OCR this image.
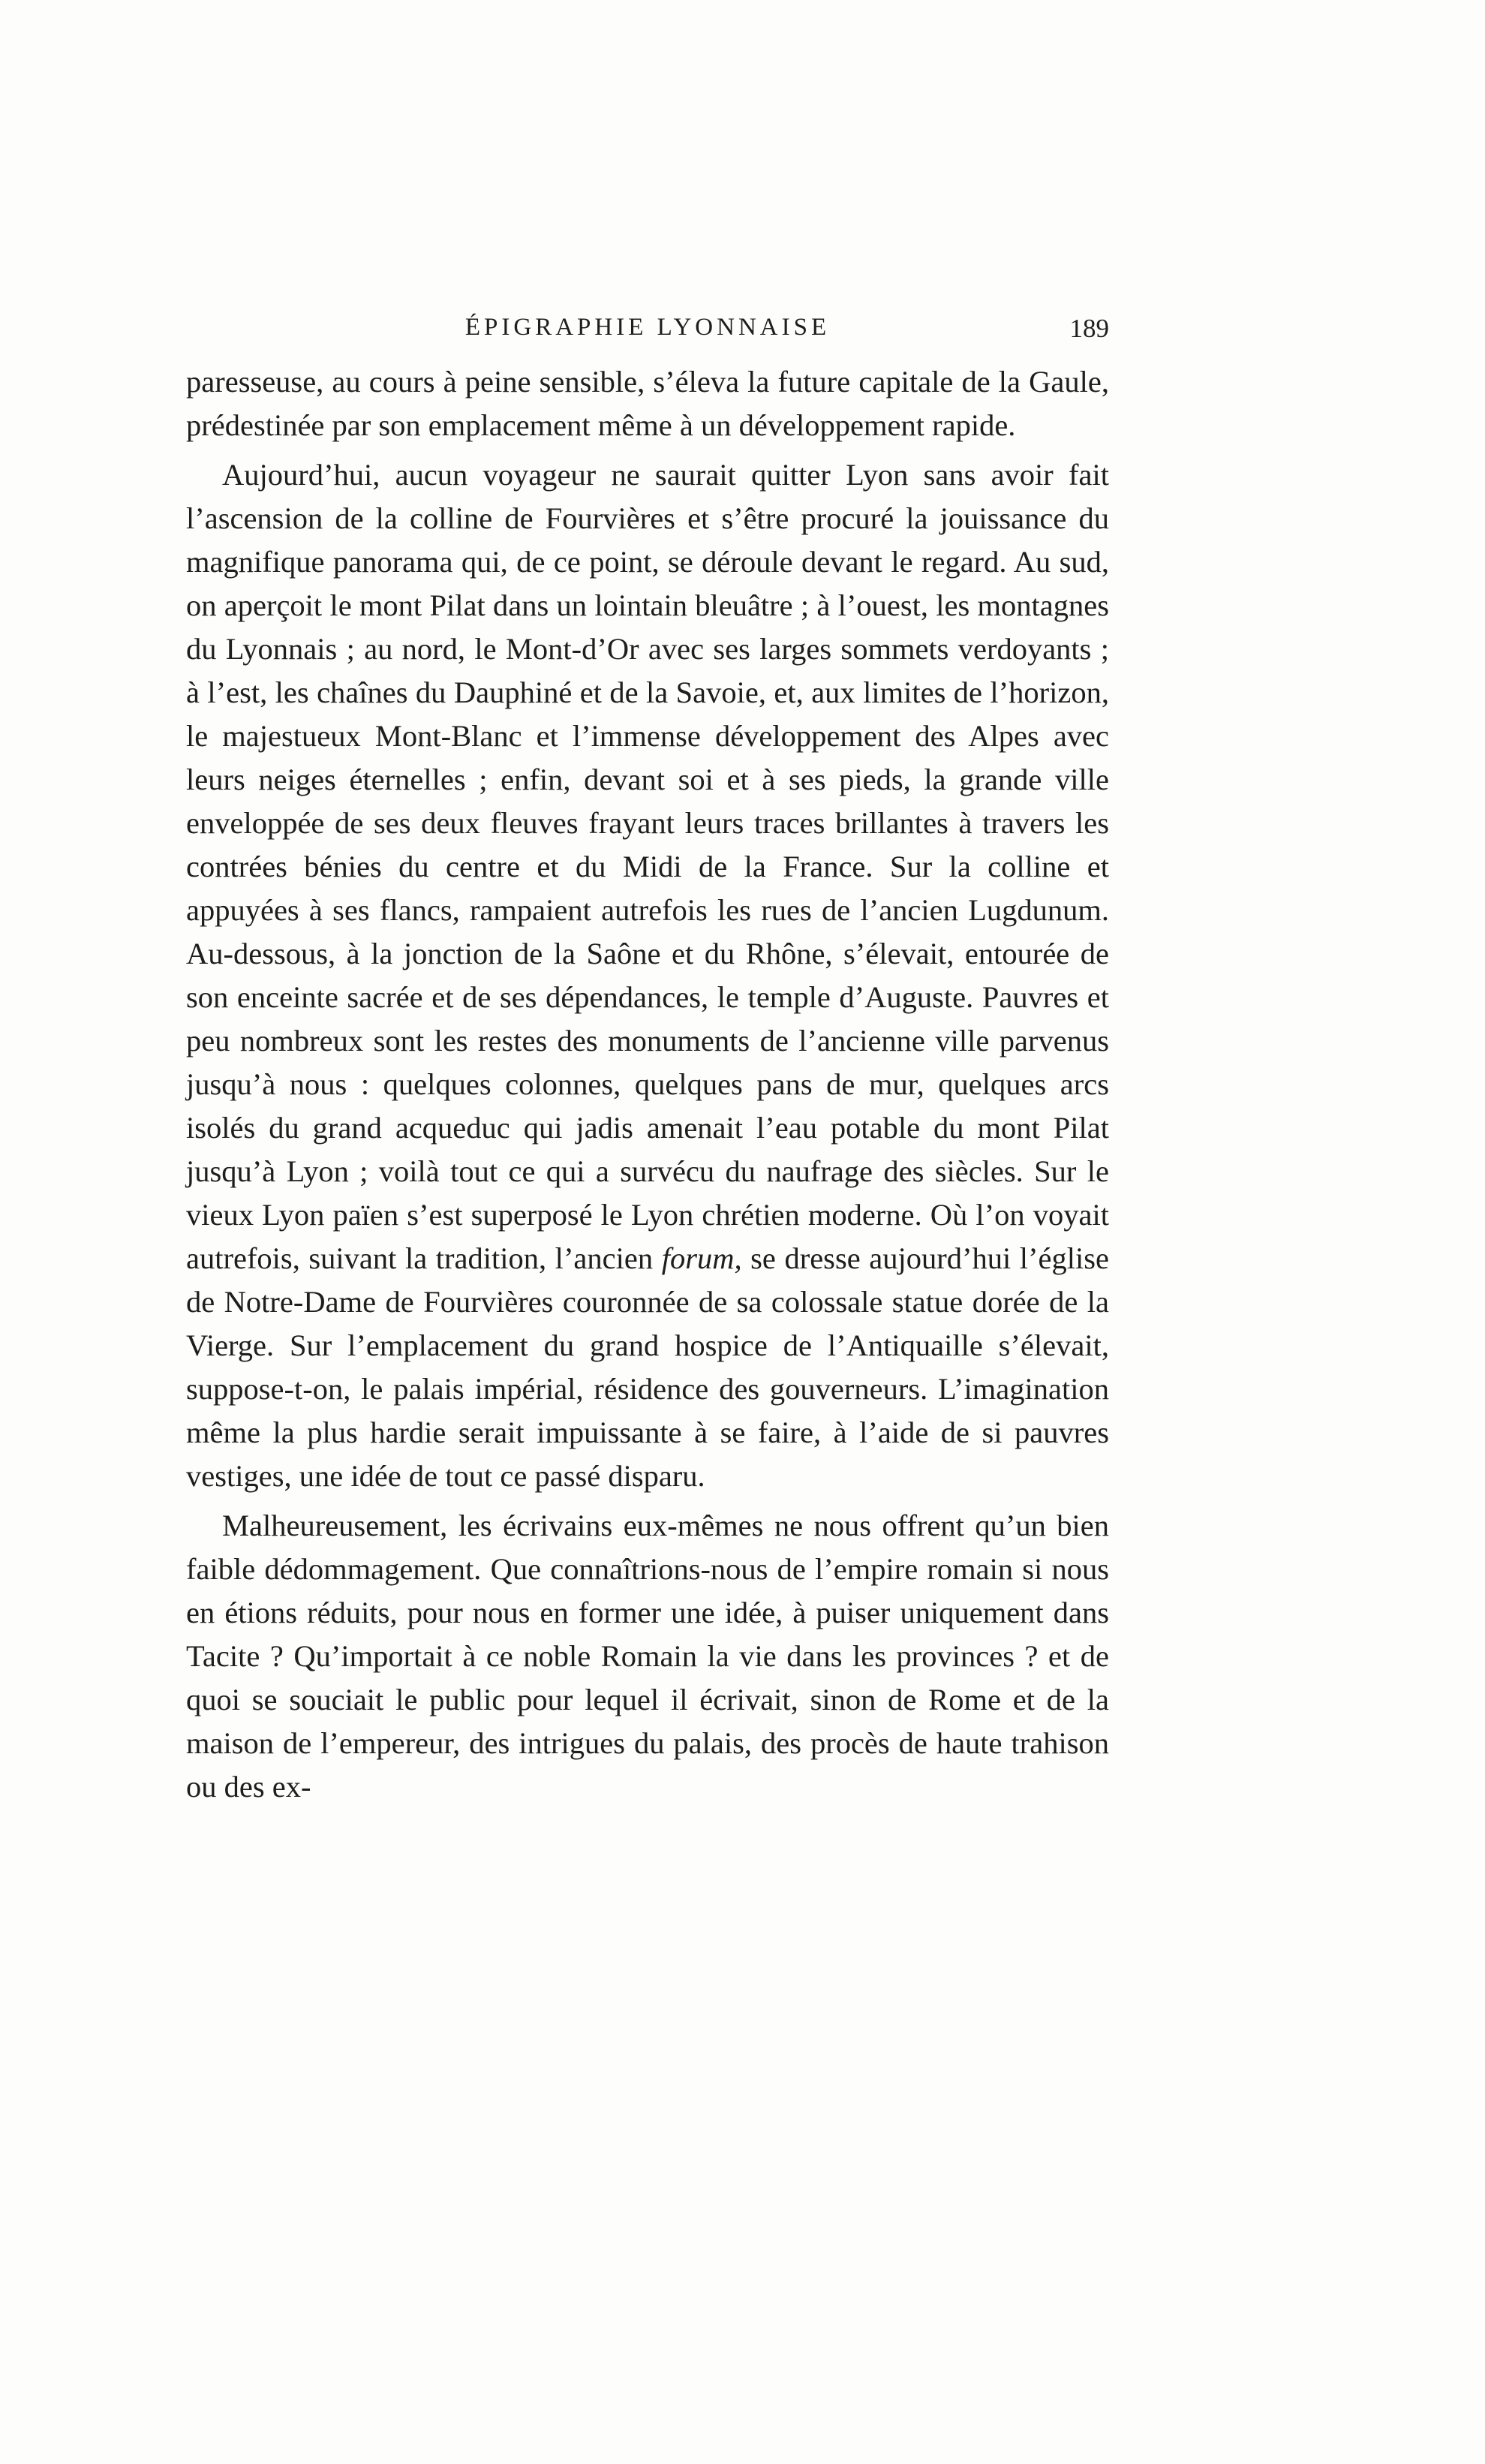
ÉPIGRAPHIE LYONNAISE	189

paresseuse, au cours à peine sensible, s’éleva la future capitale de la Gaule, prédestinée par son emplacement même à un développement rapide.

Aujourd’hui, aucun voyageur ne saurait quitter Lyon sans avoir fait l’ascension de la colline de Fourvières et s’être procuré la jouissance du magnifique panorama qui, de ce point, se déroule devant le regard. Au sud, on aperçoit le mont Pilat dans un lointain bleuâtre ; à l’ouest, les montagnes du Lyonnais ; au nord, le Mont-d’Or avec ses larges sommets verdoyants ; à l’est, les chaînes du Dauphiné et de la Savoie, et, aux limites de l’horizon, le majestueux Mont-Blanc et l’immense développement des Alpes avec leurs neiges éternelles ; enfin, devant soi et à ses pieds, la grande ville enveloppée de ses deux fleuves frayant leurs traces brillantes à travers les contrées bénies du centre et du Midi de la France. Sur la colline et appuyées à ses flancs, rampaient autrefois les rues de l’ancien Lugdunum. Au-dessous, à la jonction de la Saône et du Rhône, s’élevait, entourée de son enceinte sacrée et de ses dépendances, le temple d’Auguste. Pauvres et peu nombreux sont les restes des monuments de l’ancienne ville parvenus jusqu’à nous : quelques colonnes, quelques pans de mur, quelques arcs isolés du grand acqueduc qui jadis amenait l’eau potable du mont Pilat jusqu’à Lyon ; voilà tout ce qui a survécu du naufrage des siècles. Sur le vieux Lyon païen s’est superposé le Lyon chrétien moderne. Où l’on voyait autrefois, suivant la tradition, l’ancien forum, se dresse aujourd’hui l’église de Notre-Dame de Fourvières couronnée de sa colossale statue dorée de la Vierge. Sur l’emplacement du grand hospice de l’Antiquaille s’élevait, suppose-t-on, le palais impérial, résidence des gouverneurs. L’imagination même la plus hardie serait impuissante à se faire, à l’aide de si pauvres vestiges, une idée de tout ce passé disparu.

Malheureusement, les écrivains eux-mêmes ne nous offrent qu’un bien faible dédommagement. Que connaîtrions-nous de l’empire romain si nous en étions réduits, pour nous en former une idée, à puiser uniquement dans Tacite ? Qu’importait à ce noble Romain la vie dans les provinces ? et de quoi se souciait le public pour lequel il écrivait, sinon de Rome et de la maison de l’empereur, des intrigues du palais, des procès de haute trahison ou des ex-
